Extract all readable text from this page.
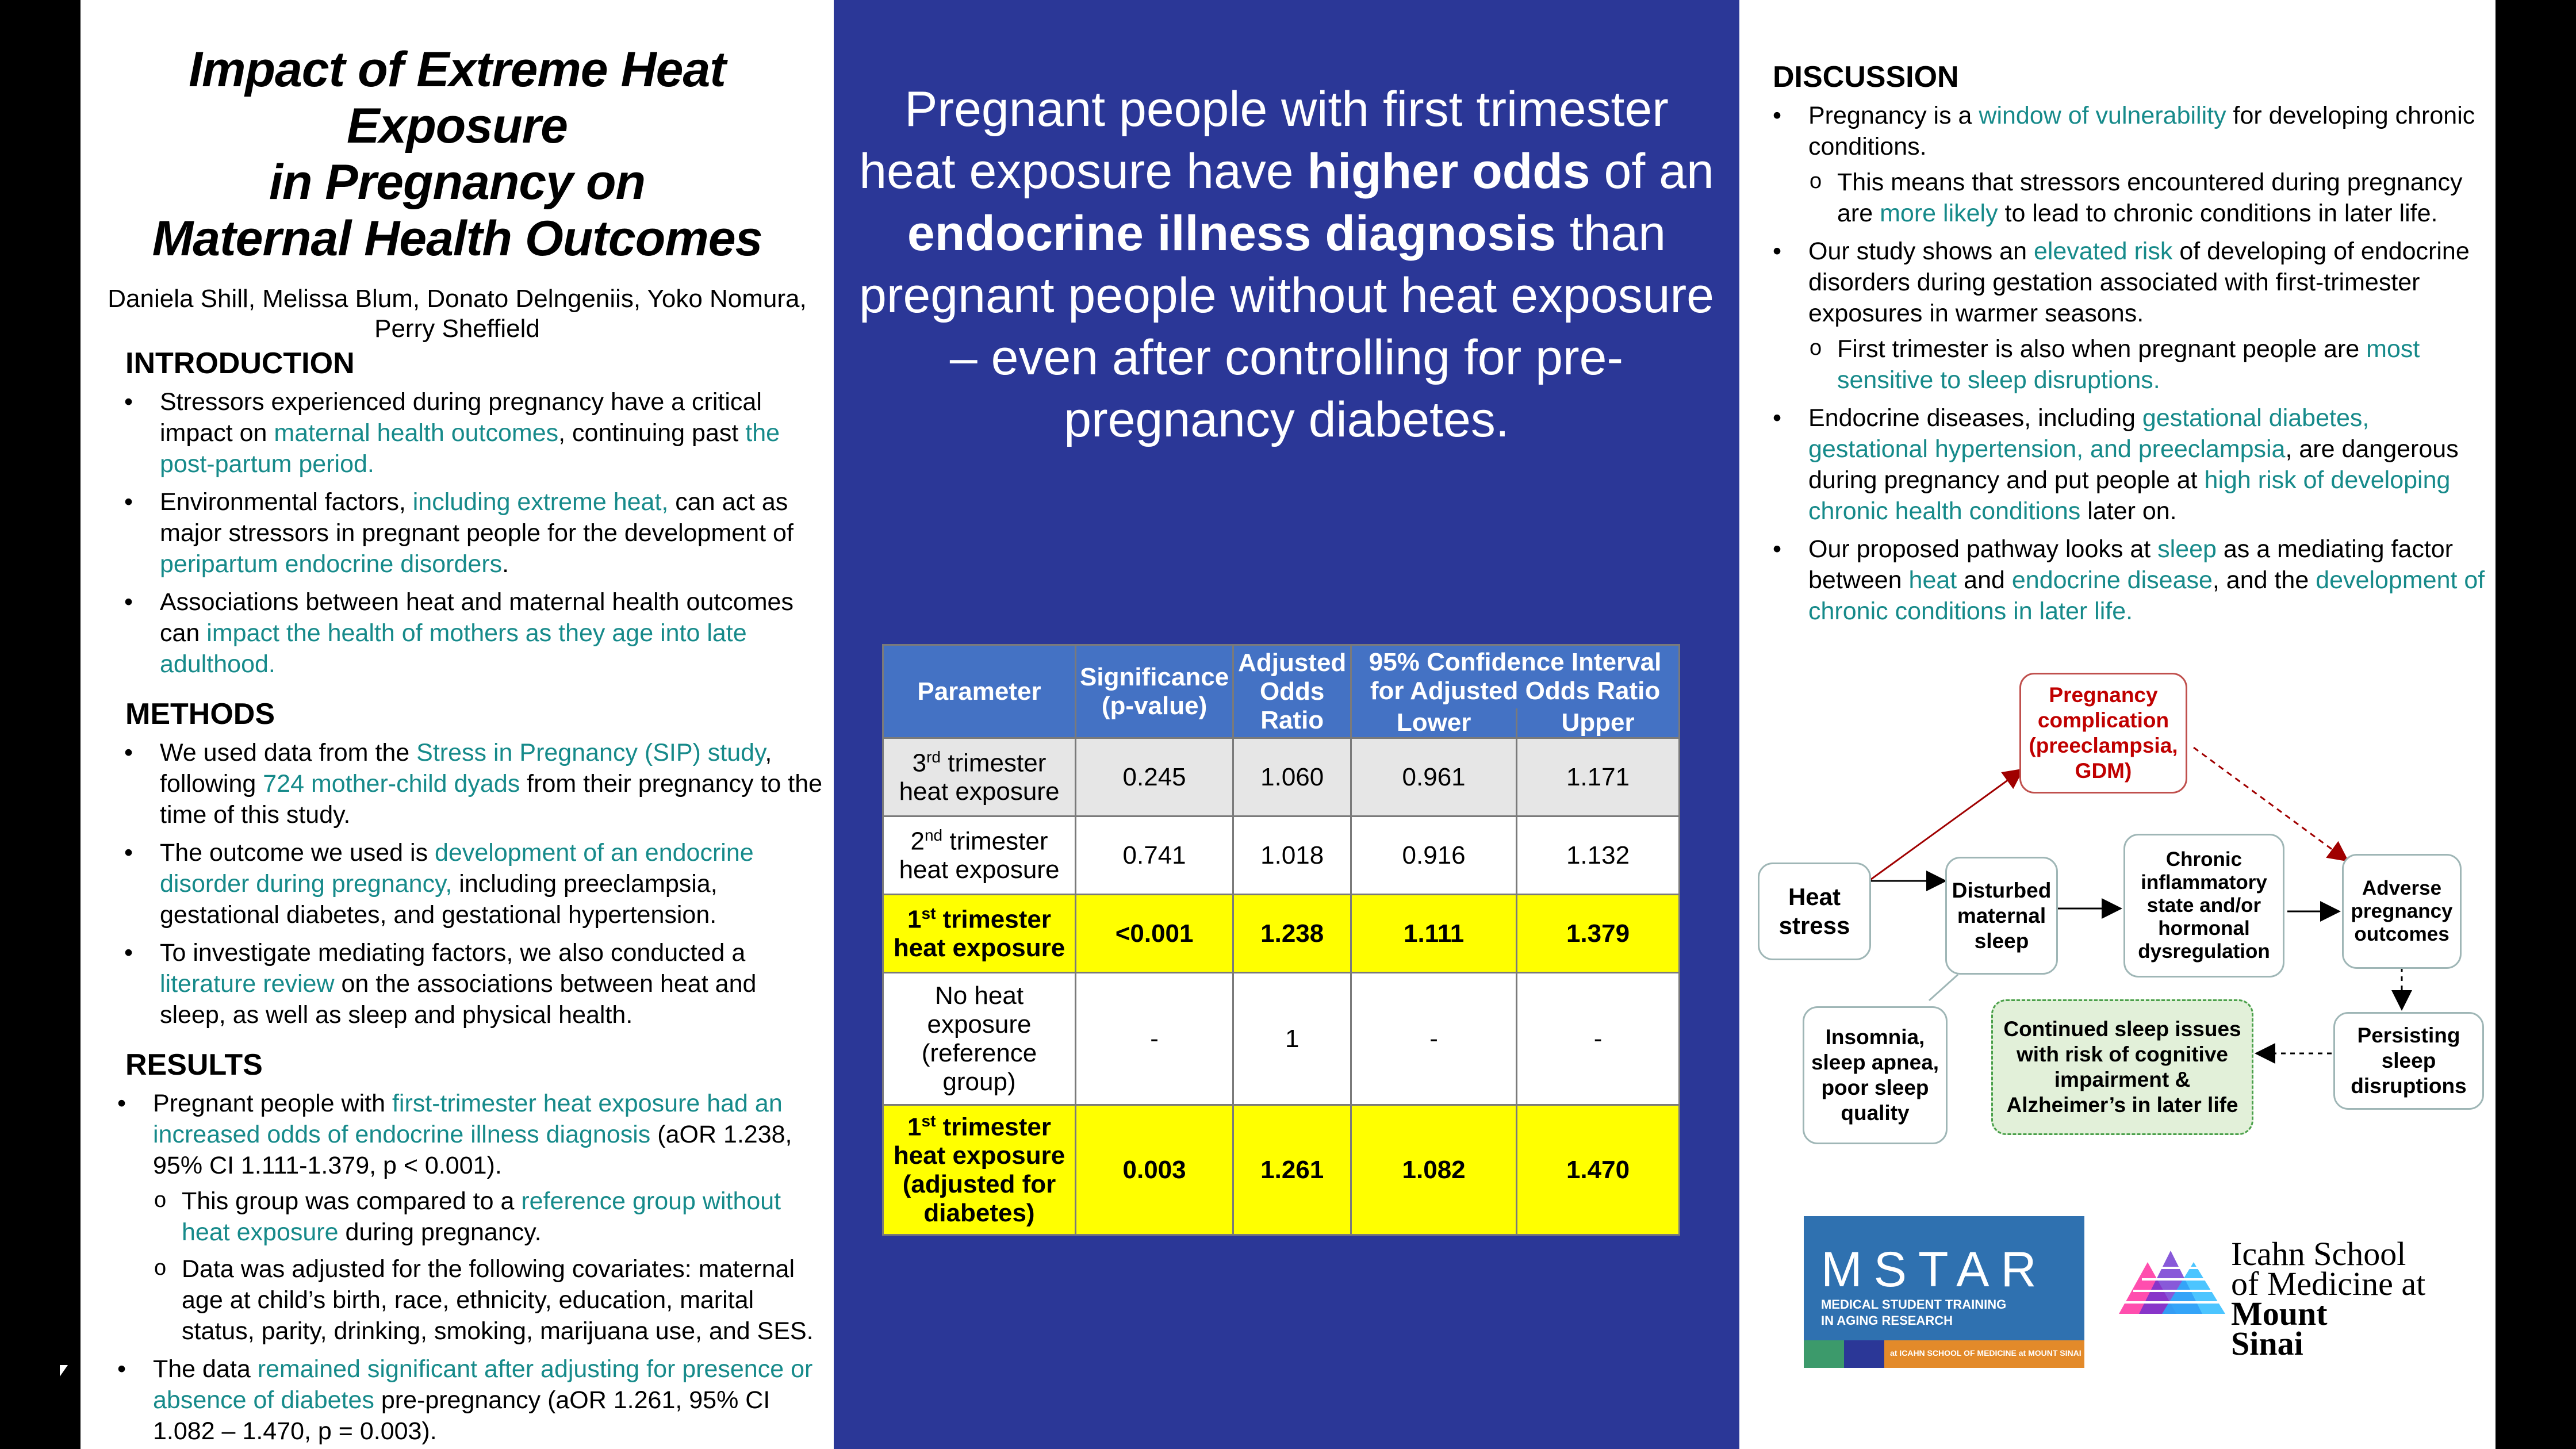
Impact of Extreme Heat Exposure
in Pregnancy on
Maternal Health Outcomes
Daniela Shill, Melissa Blum, Donato Delngeniis, Yoko Nomura, Perry Sheffield
INTRODUCTION
• Stressors experienced during pregnancy have a critical impact on maternal health outcomes, continuing past the post-partum period.
• Environmental factors, including extreme heat, can act as major stressors in pregnant people for the development of peripartum endocrine disorders.
• Associations between heat and maternal health outcomes can impact the health of mothers as they age into late adulthood.
METHODS
• We used data from the Stress in Pregnancy (SIP) study, following 724 mother-child dyads from their pregnancy to the time of this study.
• The outcome we used is development of an endocrine disorder during pregnancy, including preeclampsia, gestational diabetes, and gestational hypertension.
• To investigate mediating factors, we also conducted a literature review on the associations between heat and sleep, as well as sleep and physical health.
RESULTS
• Pregnant people with first-trimester heat exposure had an increased odds of endocrine illness diagnosis (aOR 1.238, 95% CI 1.111-1.379, p < 0.001).
o This group was compared to a reference group without heat exposure during pregnancy.
o Data was adjusted for the following covariates: maternal age at child’s birth, race, ethnicity, education, marital status, parity, drinking, smoking, marijuana use, and SES.
• The data remained significant after adjusting for presence or absence of diabetes pre-pregnancy (aOR 1.261, 95% CI 1.082 – 1.470, p = 0.003).
Pregnant people with first trimester heat exposure have higher odds of an endocrine illness diagnosis than pregnant people without heat exposure – even after controlling for pre-pregnancy diabetes.
Parameter	Significance (p-value)	Adjusted Odds Ratio	95% Confidence Interval for Adjusted Odds Ratio	
			Lower	Upper
3rd trimester heat exposure	0.245	1.060	0.961	1.171
2nd trimester heat exposure	0.741	1.018	0.916	1.132
1st trimester heat exposure	<0.001	1.238	1.111	1.379
No heat exposure (reference group)	-	1	-	-
1st trimester heat exposure (adjusted for diabetes)	0.003	1.261	1.082	1.470
DISCUSSION
• Pregnancy is a window of vulnerability for developing chronic conditions.
o This means that stressors encountered during pregnancy are more likely to lead to chronic conditions in later life.
• Our study shows an elevated risk of developing of endocrine disorders during gestation associated with first-trimester exposures in warmer seasons.
o First trimester is also when pregnant people are most sensitive to sleep disruptions.
• Endocrine diseases, including gestational diabetes, gestational hypertension, and preeclampsia, are dangerous during pregnancy and put people at high risk of developing chronic health conditions later on.
• Our proposed pathway looks at sleep as a mediating factor between heat and endocrine disease, and the development of chronic conditions in later life.
Pregnancy complication (preeclampsia, GDM)
Heat stress
Disturbed maternal sleep
Chronic inflammatory state and/or hormonal dysregulation
Adverse pregnancy outcomes
Insomnia, sleep apnea, poor sleep quality
Continued sleep issues with risk of cognitive impairment & Alzheimer’s in later life
Persisting sleep disruptions
MSTAR
MEDICAL STUDENT TRAINING
IN AGING RESEARCH
at ICAHN SCHOOL OF MEDICINE at MOUNT SINAI
Icahn School
of Medicine at
Mount
Sinai
